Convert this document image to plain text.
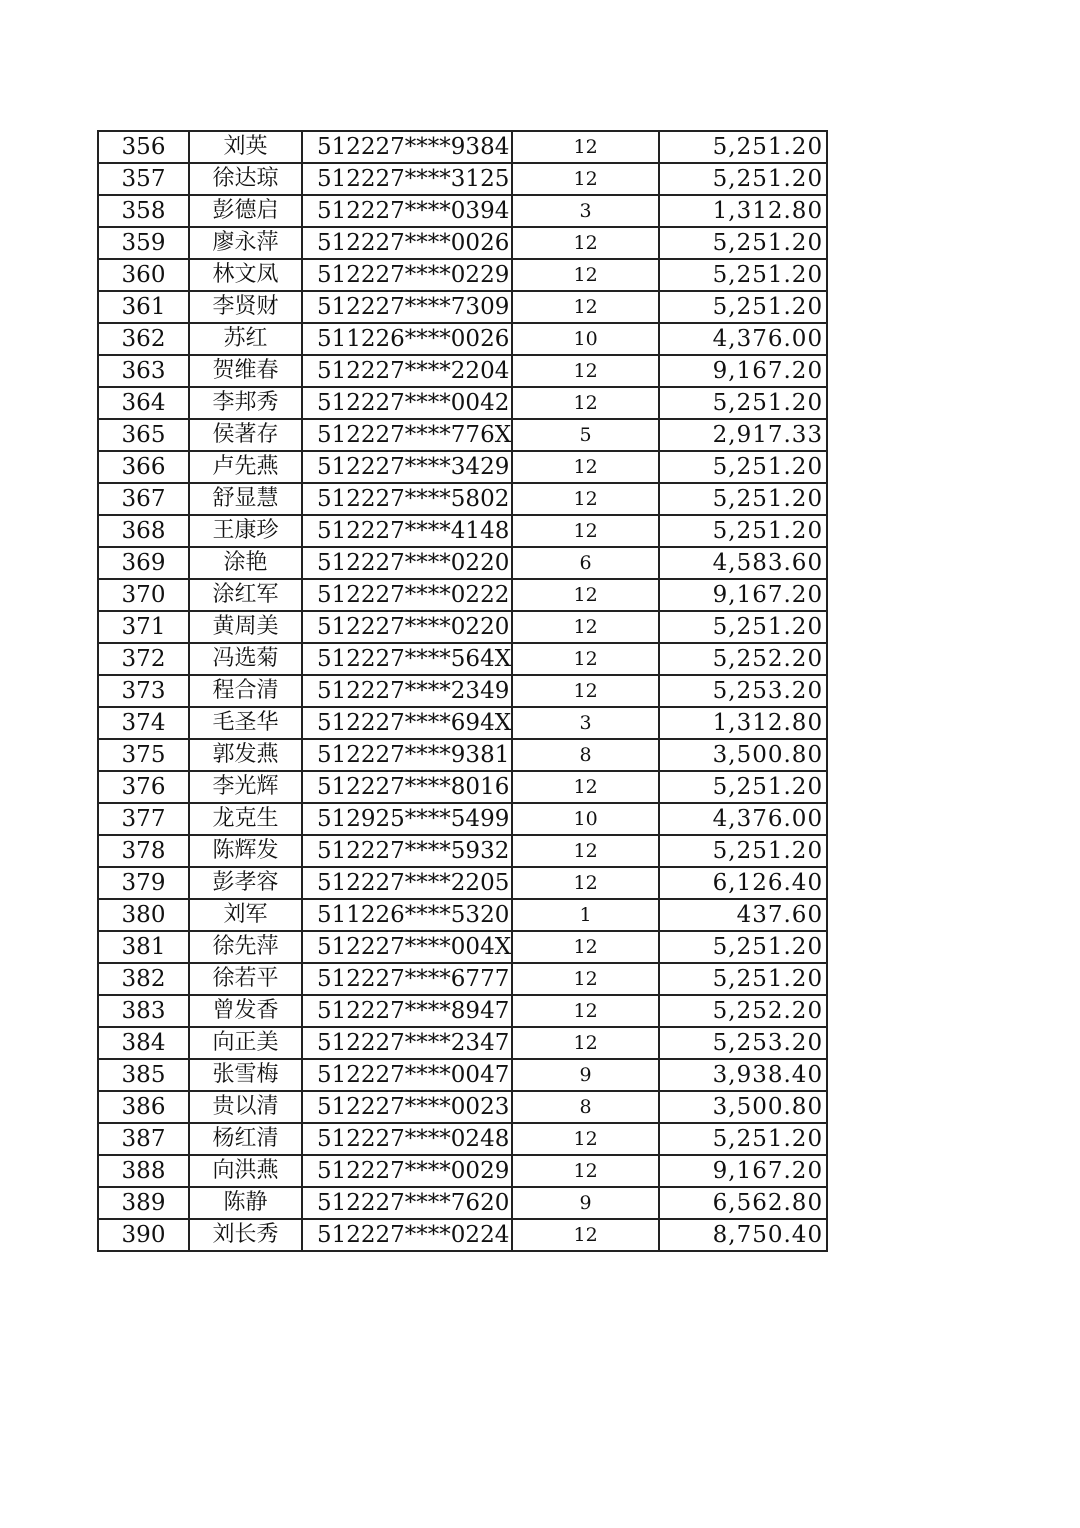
356	刘英	512227****9384	12	5,251.20
357	徐达琼	512227****3125	12	5,251.20
358	彭德启	512227****0394	3	1,312.80
359	廖永萍	512227****0026	12	5,251.20
360	林文凤	512227****0229	12	5,251.20
361	李贤财	512227****7309	12	5,251.20
362	苏红	511226****0026	10	4,376.00
363	贺维春	512227****2204	12	9,167.20
364	李邦秀	512227****0042	12	5,251.20
365	侯著存	512227****776X	5	2,917.33
366	卢先燕	512227****3429	12	5,251.20
367	舒显慧	512227****5802	12	5,251.20
368	王康珍	512227****4148	12	5,251.20
369	涂艳	512227****0220	6	4,583.60
370	涂红军	512227****0222	12	9,167.20
371	黄周美	512227****0220	12	5,251.20
372	冯选菊	512227****564X	12	5,252.20
373	程合清	512227****2349	12	5,253.20
374	毛圣华	512227****694X	3	1,312.80
375	郭发燕	512227****9381	8	3,500.80
376	李光辉	512227****8016	12	5,251.20
377	龙克生	512925****5499	10	4,376.00
378	陈辉发	512227****5932	12	5,251.20
379	彭孝容	512227****2205	12	6,126.40
380	刘军	511226****5320	1	437.60
381	徐先萍	512227****004X	12	5,251.20
382	徐若平	512227****6777	12	5,251.20
383	曾发香	512227****8947	12	5,252.20
384	向正美	512227****2347	12	5,253.20
385	张雪梅	512227****0047	9	3,938.40
386	贵以清	512227****0023	8	3,500.80
387	杨红清	512227****0248	12	5,251.20
388	向洪燕	512227****0029	12	9,167.20
389	陈静	512227****7620	9	6,562.80
390	刘长秀	512227****0224	12	8,750.40
